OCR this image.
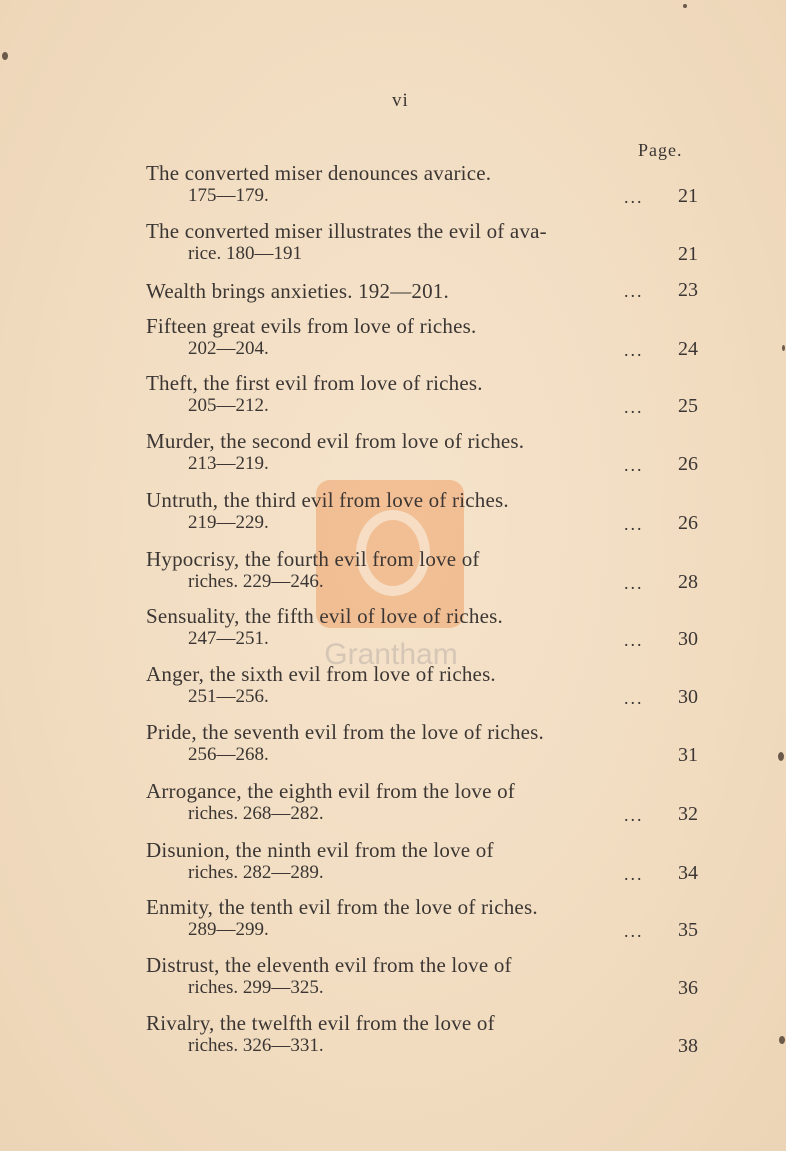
Grantham
vi
Page.
The converted miser denounces avarice.
175—179.	... 21
The converted miser illustrates the evil of ava-
rice. 180—191	21
Wealth brings anxieties. 192—201.	... 23
Fifteen great evils from love of riches.
202—204.	... 24
Theft, the first evil from love of riches.
205—212.	... 25
Murder, the second evil from love of riches.
213—219.	... 26
Untruth, the third evil from love of riches.
219—229.	... 26
Hypocrisy, the fourth evil from love of
riches. 229—246.	... 28
Sensuality, the fifth evil of love of riches.
247—251.	... 30
Anger, the sixth evil from love of riches.
251—256.	... 30
Pride, the seventh evil from the love of riches.
256—268.	31
Arrogance, the eighth evil from the love of
riches. 268—282.	... 32
Disunion, the ninth evil from the love of
riches. 282—289.	... 34
Enmity, the tenth evil from the love of riches.
289—299.	... 35
Distrust, the eleventh evil from the love of
riches. 299—325.	36
Rivalry, the twelfth evil from the love of
riches. 326—331.	38
